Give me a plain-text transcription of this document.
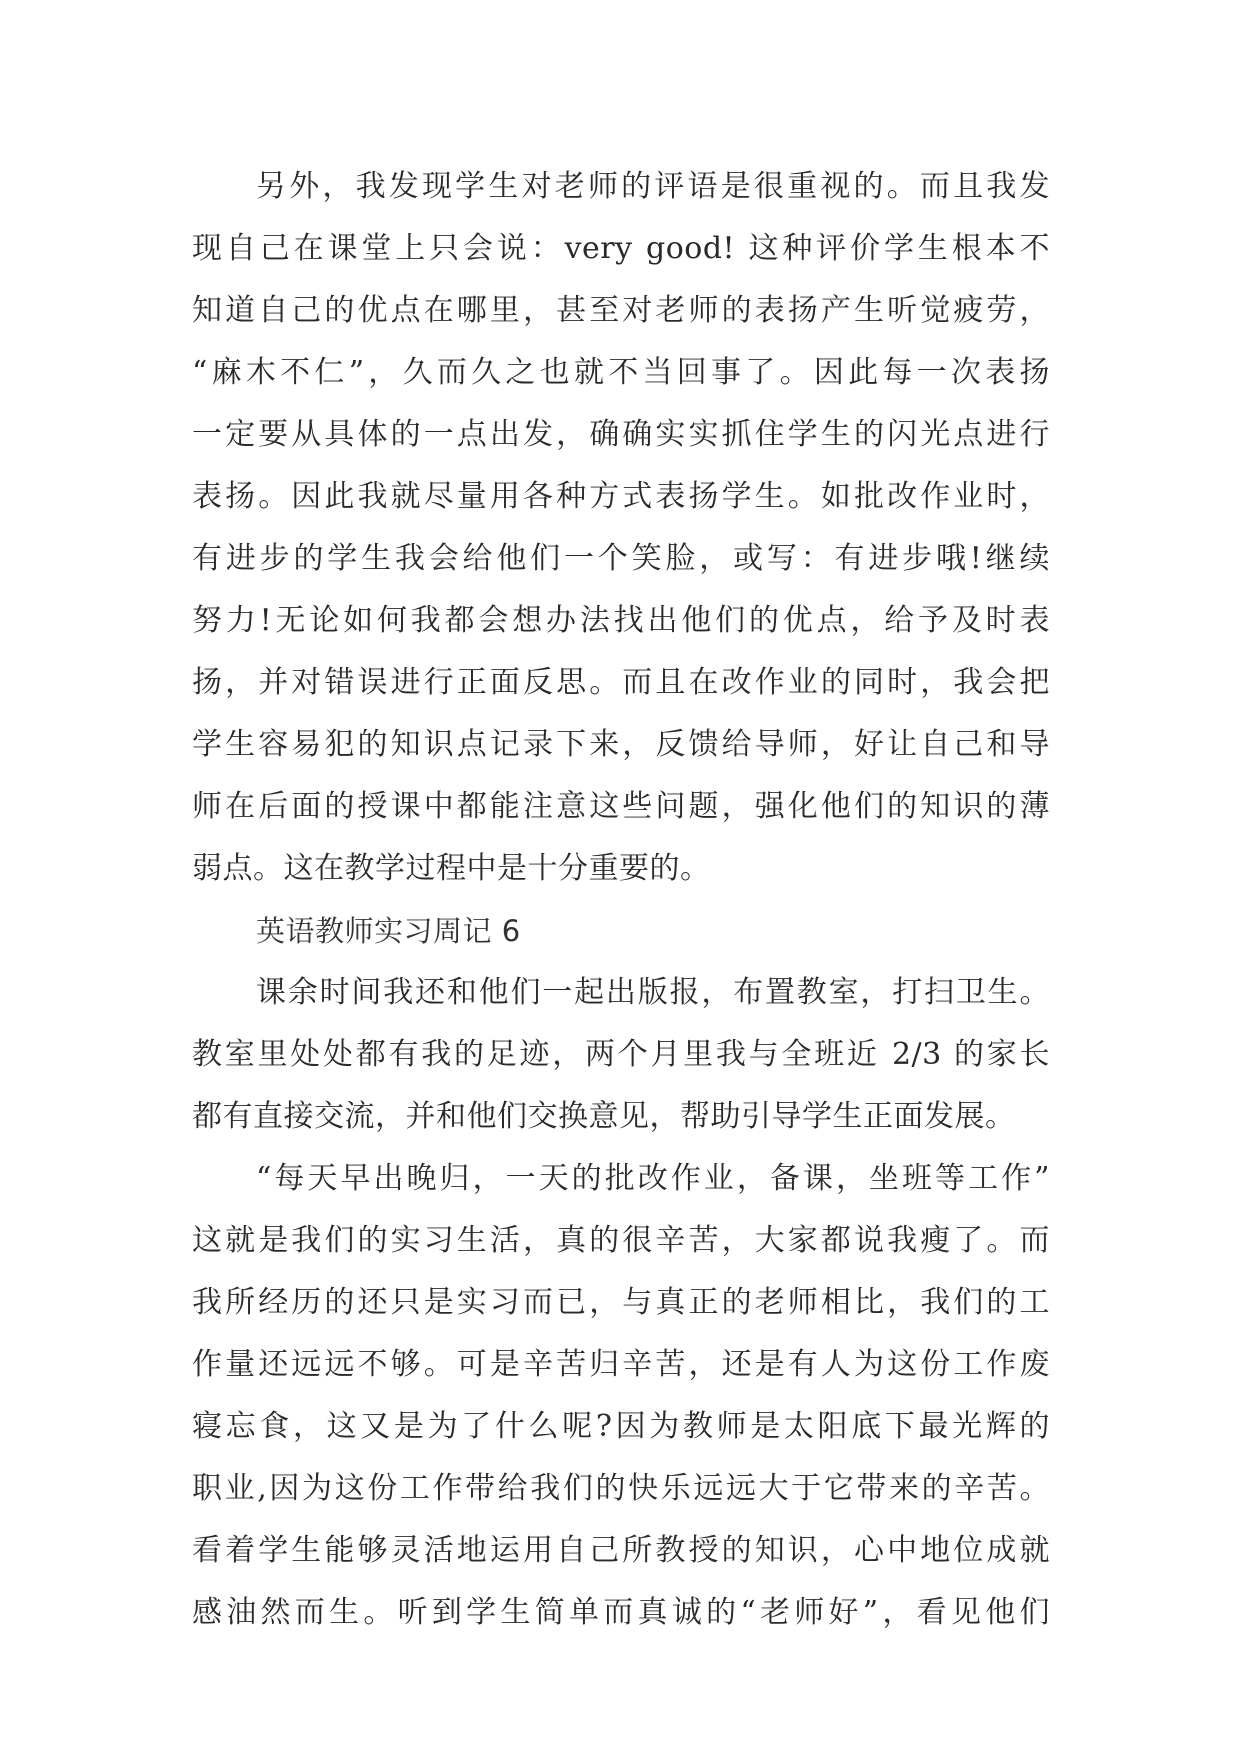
另外，我发现学生对老师的评语是很重视的。而且我发
现自己在课堂上只会说：very good! 这种评价学生根本不
知道自己的优点在哪里，甚至对老师的表扬产生听觉疲劳，
“麻木不仁”，久而久之也就不当回事了。因此每一次表扬
一定要从具体的一点出发，确确实实抓住学生的闪光点进行
表扬。因此我就尽量用各种方式表扬学生。如批改作业时，
有进步的学生我会给他们一个笑脸，或写：有进步哦!继续
努力!无论如何我都会想办法找出他们的优点，给予及时表
扬，并对错误进行正面反思。而且在改作业的同时，我会把
学生容易犯的知识点记录下来，反馈给导师，好让自己和导
师在后面的授课中都能注意这些问题，强化他们的知识的薄
弱点。这在教学过程中是十分重要的。
英语教师实习周记 6
课余时间我还和他们一起出版报，布置教室，打扫卫生。
教室里处处都有我的足迹，两个月里我与全班近 2/3 的家长
都有直接交流，并和他们交换意见，帮助引导学生正面发展。
“每天早出晚归，一天的批改作业，备课，坐班等工作”
这就是我们的实习生活，真的很辛苦，大家都说我瘦了。而
我所经历的还只是实习而已，与真正的老师相比，我们的工
作量还远远不够。可是辛苦归辛苦，还是有人为这份工作废
寝忘食，这又是为了什么呢?因为教师是太阳底下最光辉的
职业,因为这份工作带给我们的快乐远远大于它带来的辛苦。
看着学生能够灵活地运用自己所教授的知识，心中地位成就
感油然而生。听到学生简单而真诚的“老师好”，看见他们
